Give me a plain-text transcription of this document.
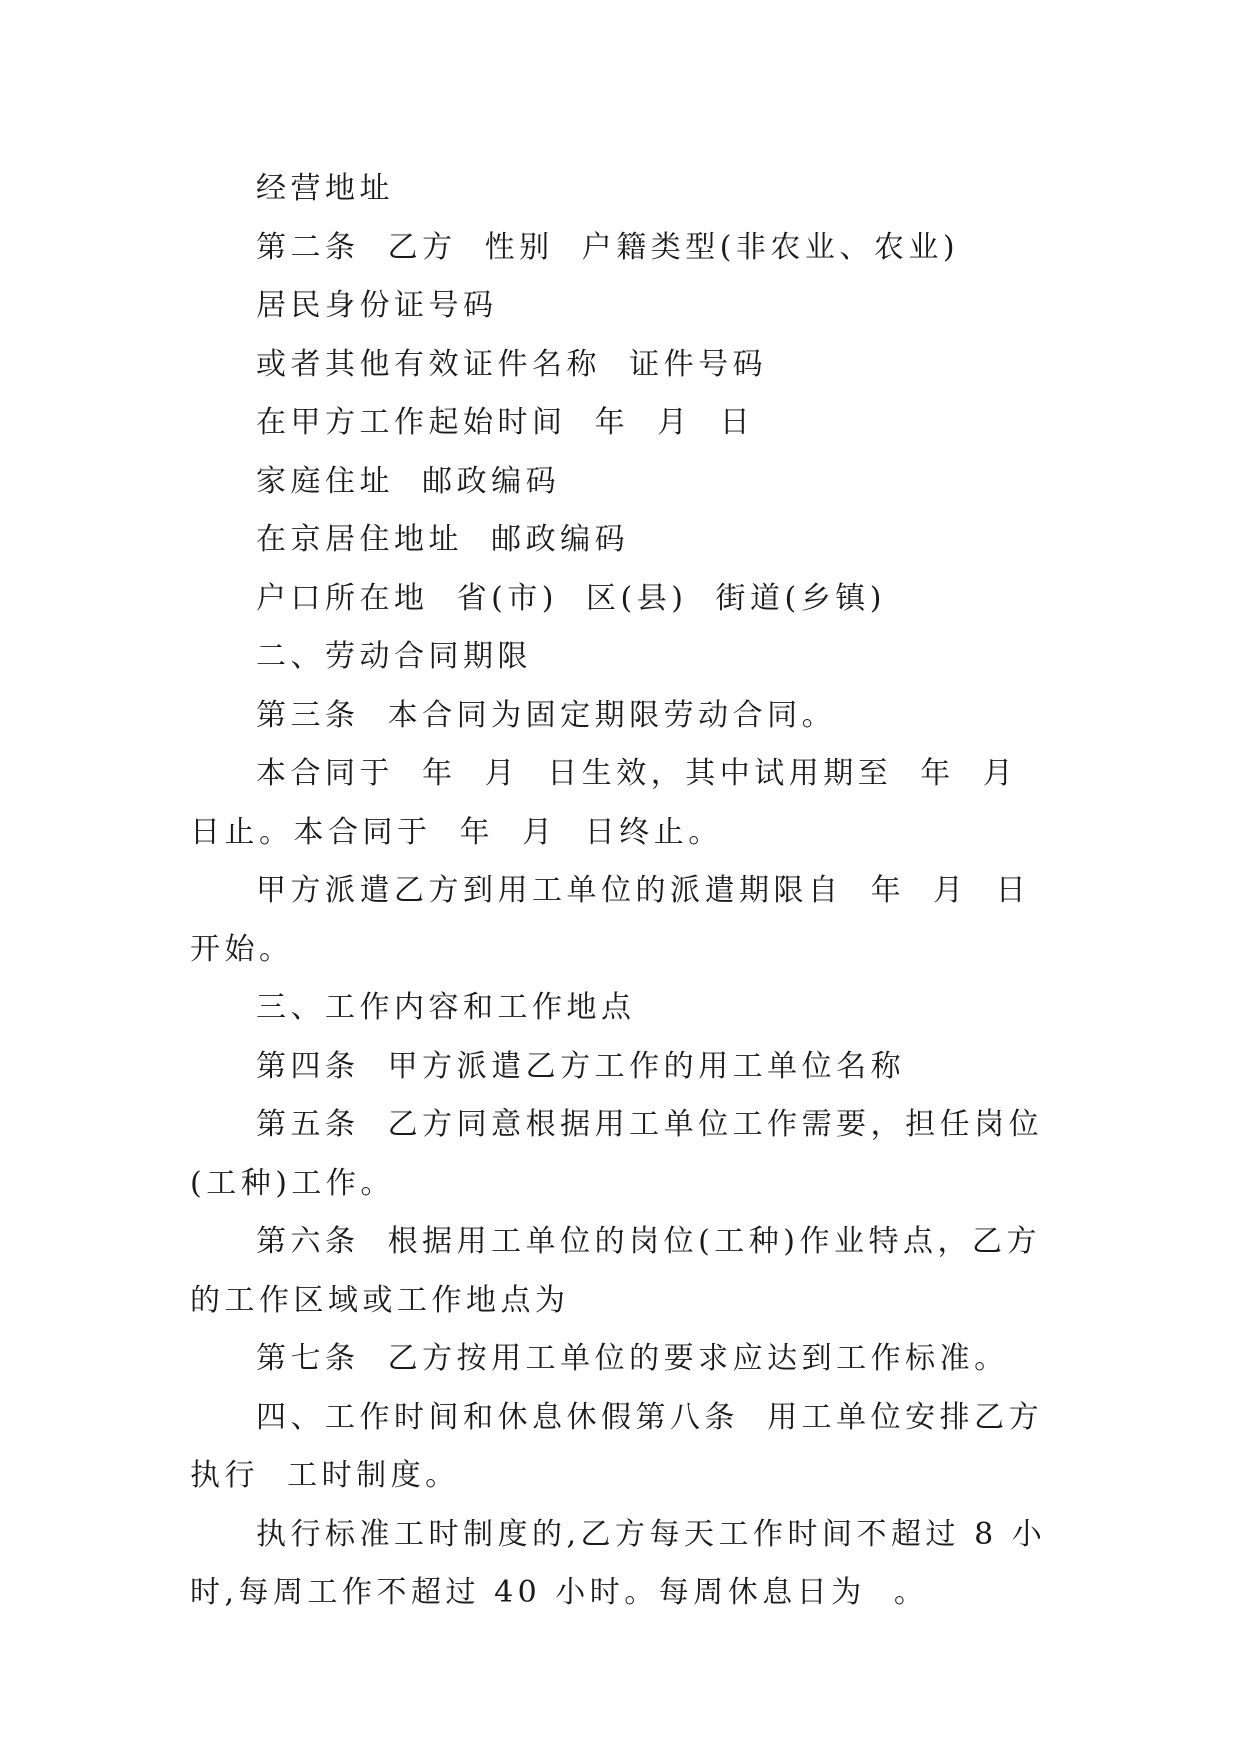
经营地址

第二条  乙方  性别  户籍类型(非农业、农业)

居民身份证号码

或者其他有效证件名称  证件号码

在甲方工作起始时间  年  月  日

家庭住址  邮政编码

在京居住地址  邮政编码

户口所在地  省(市)  区(县)  街道(乡镇)

二、劳动合同期限

第三条  本合同为固定期限劳动合同。

本合同于  年  月  日生效，其中试用期至  年  月  日止。本合同于  年  月  日终止。

甲方派遣乙方到用工单位的派遣期限自  年  月  日开始。

三、工作内容和工作地点

第四条  甲方派遣乙方工作的用工单位名称

第五条  乙方同意根据用工单位工作需要，担任岗位(工种)工作。

第六条  根据用工单位的岗位(工种)作业特点，乙方的工作区域或工作地点为

第七条  乙方按用工单位的要求应达到工作标准。

四、工作时间和休息休假第八条  用工单位安排乙方执行  工时制度。

执行标准工时制度的,乙方每天工作时间不超过 8 小时,每周工作不超过 40 小时。每周休息日为  。
